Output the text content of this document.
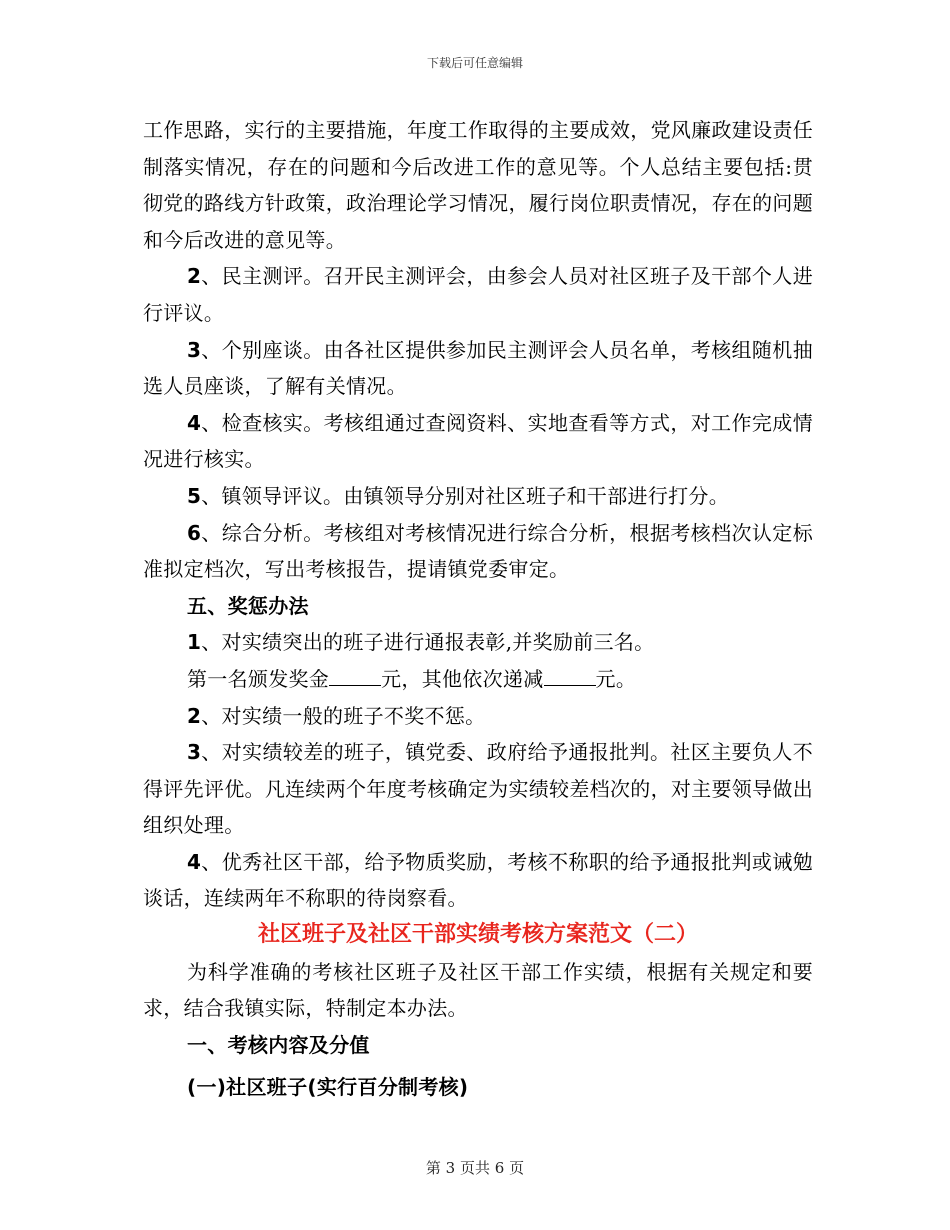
下载后可任意编辑

工作思路，实行的主要措施，年度工作取得的主要成效，党风廉政建设责任制落实情况，存在的问题和今后改进工作的意见等。个人总结主要包括:贯彻党的路线方针政策，政治理论学习情况，履行岗位职责情况，存在的问题和今后改进的意见等。

2、民主测评。召开民主测评会，由参会人员对社区班子及干部个人进行评议。

3、个别座谈。由各社区提供参加民主测评会人员名单，考核组随机抽选人员座谈，了解有关情况。

4、检查核实。考核组通过查阅资料、实地查看等方式，对工作完成情况进行核实。

5、镇领导评议。由镇领导分别对社区班子和干部进行打分。

6、综合分析。考核组对考核情况进行综合分析，根据考核档次认定标准拟定档次，写出考核报告，提请镇党委审定。

五、奖惩办法

1、对实绩突出的班子进行通报表彰,并奖励前三名。

第一名颁发奖金	元，其他依次递减	元。

2、对实绩一般的班子不奖不惩。

3、对实绩较差的班子，镇党委、政府给予通报批判。社区主要负人不得评先评优。凡连续两个年度考核确定为实绩较差档次的，对主要领导做出组织处理。

4、优秀社区干部，给予物质奖励，考核不称职的给予通报批判或诫勉谈话，连续两年不称职的待岗察看。

社区班子及社区干部实绩考核方案范文（二）

为科学准确的考核社区班子及社区干部工作实绩，根据有关规定和要求，结合我镇实际，特制定本办法。

一、考核内容及分值

(一)社区班子(实行百分制考核)

第 3 页共 6 页
